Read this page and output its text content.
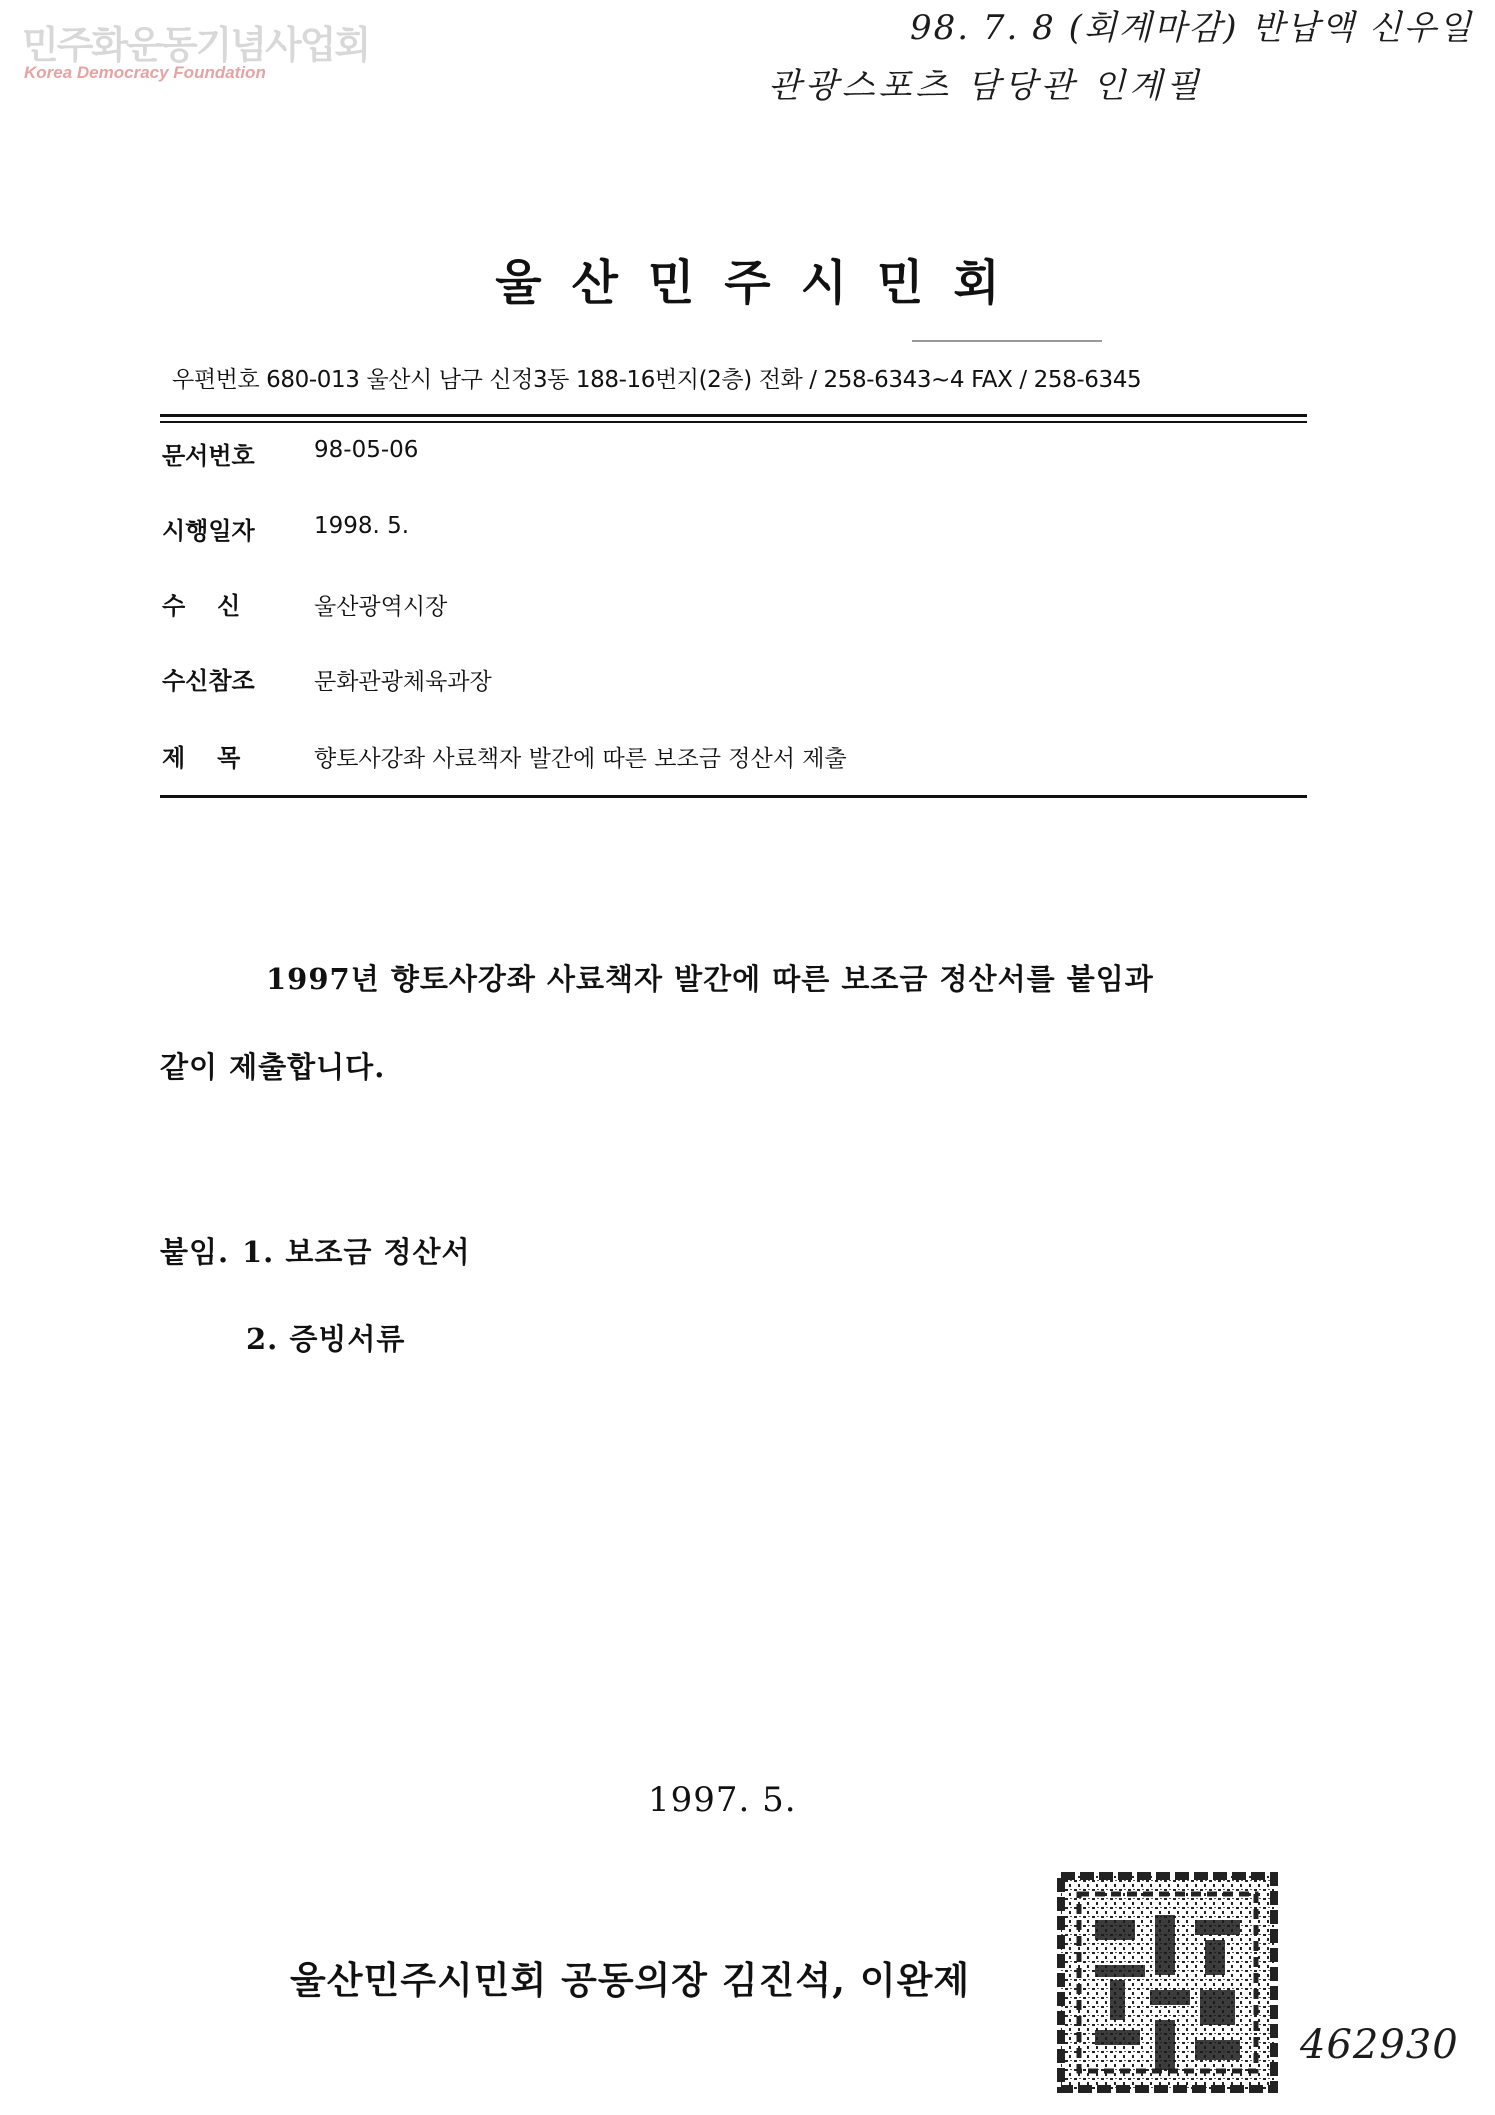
민주화운동기념사업회
Korea Democracy Foundation
98. 7. 8 (회계마감) 반납액 신우일
관광스포츠 담당관 인계필
울산민주시민회
우편번호 680-013 울산시 남구 신정3동 188-16번지(2층) 전화 / 258-6343~4 FAX / 258-6345
문서번호	98-05-06
시행일자	1998. 5.
수신 울산광역시장
수신참조	문화관광체육과장
제목 향토사강좌 사료책자 발간에 따른 보조금 정산서 제출
1997년 향토사강좌 사료책자 발간에 따른 보조금 정산서를 붙임과
같이 제출합니다.
붙임. 1. 보조금 정산서
2. 증빙서류
1997. 5.
울산민주시민회 공동의장 김진석, 이완제
462930
